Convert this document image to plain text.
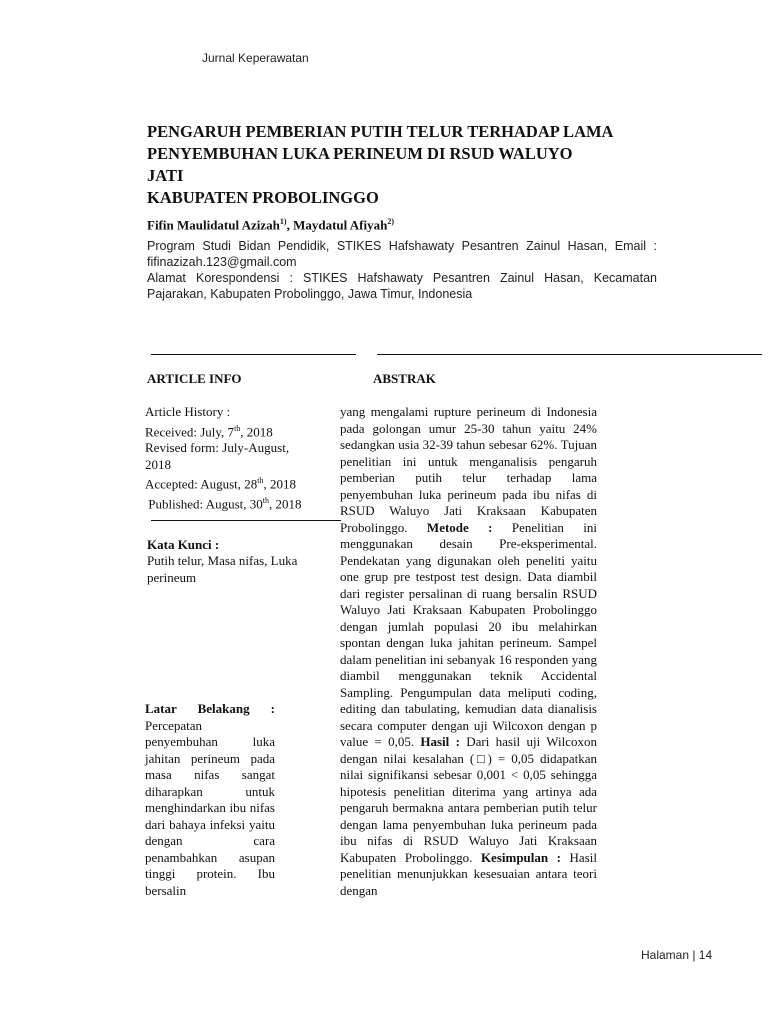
Jurnal Keperawatan
PENGARUH PEMBERIAN PUTIH TELUR TERHADAP LAMA
PENYEMBUHAN LUKA PERINEUM DI RSUD WALUYO
JATI
KABUPATEN PROBOLINGGO
Fifin Maulidatul Azizah$^{1)}$, Maydatul Afiyah$^{2)}$

Program Studi Bidan Pendidik, STIKES Hafshawaty Pesantren Zainul Hasan, Email : fifinazizah.123@gmail.com

Alamat Korespondensi : STIKES Hafshawaty Pesantren Zainul Hasan, Kecamatan Pajarakan, Kabupaten Probolinggo, Jawa Timur, Indonesia

ARTICLE INFO	ABSTRAK
Article History :
Received: July, 7th, 2018
Revised form: July-August,
2018
Accepted: August, 28th, 2018
Published: August, 30th, 2018
Kata Kunci :
Putih telur, Masa nifas, Luka perineum
Latar Belakang : Percepatan penyembuhan luka jahitan perineum pada masa nifas sangat diharapkan untuk menghindarkan ibu nifas dari bahaya infeksi yaitu dengan cara penambahkan asupan tinggi protein. Ibu bersalin
yang mengalami rupture perineum di Indonesia pada golongan umur 25-30 tahun yaitu 24% sedangkan usia 32-39 tahun sebesar 62%. Tujuan penelitian ini untuk menganalisis pengaruh pemberian putih telur terhadap lama penyembuhan luka perineum pada ibu nifas di RSUD Waluyo Jati Kraksaan Kabupaten Probolinggo. Metode : Penelitian ini menggunakan desain Pre-eksperimental. Pendekatan yang digunakan oleh peneliti yaitu one grup pre testpost test design. Data diambil dari register persalinan di ruang bersalin RSUD Waluyo Jati Kraksaan Kabupaten Probolinggo dengan jumlah populasi 20 ibu melahirkan spontan dengan luka jahitan perineum. Sampel dalam penelitian ini sebanyak 16 responden yang diambil menggunakan teknik Accidental Sampling. Pengumpulan data meliputi coding, editing dan tabulating, kemudian data dianalisis secara computer dengan uji Wilcoxon dengan p value = 0,05. Hasil : Dari hasil uji Wilcoxon dengan nilai kesalahan (□) = 0,05 didapatkan nilai signifikansi sebesar 0,001 < 0,05 sehingga hipotesis penelitian diterima yang artinya ada pengaruh bermakna antara pemberian putih telur dengan lama penyembuhan luka perineum pada ibu nifas di RSUD Waluyo Jati Kraksaan Kabupaten Probolinggo. Kesimpulan : Hasil penelitian menunjukkan kesesuaian antara teori dengan
Halaman | 14
